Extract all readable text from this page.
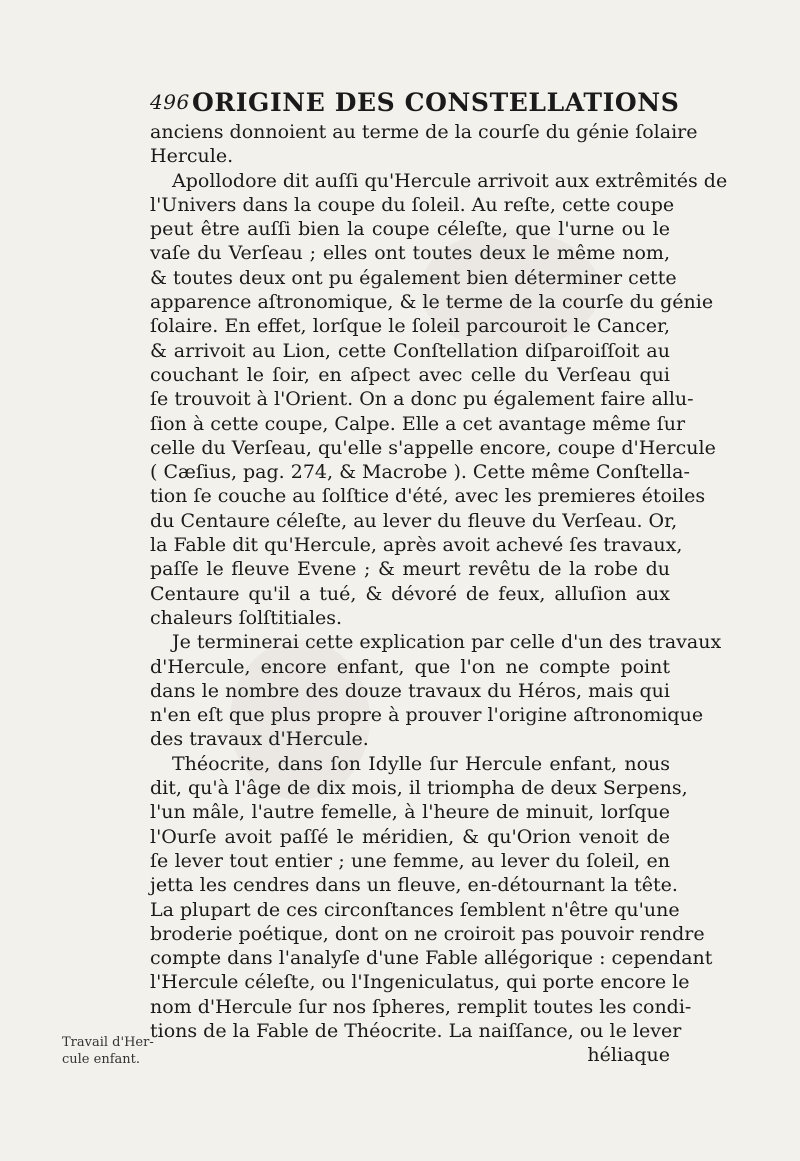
496 ORIGINE DES CONSTELLATIONS
anciens donnoient au terme de la courſe du génie ſolaire
Hercule.
Apollodore dit auſſi qu'Hercule arrivoit aux extrêmités de
l'Univers dans la coupe du ſoleil. Au reſte, cette coupe
peut être auſſi bien la coupe céleſte, que l'urne ou le
vaſe du Verſeau ; elles ont toutes deux le même nom,
& toutes deux ont pu également bien déterminer cette
apparence aſtronomique, & le terme de la courſe du génie
ſolaire. En effet, lorſque le ſoleil parcouroit le Cancer,
& arrivoit au Lion, cette Conſtellation diſparoiſſoit au
couchant le ſoir, en aſpect avec celle du Verſeau qui
ſe trouvoit à l'Orient. On a donc pu également faire allu-
ſion à cette coupe, Calpe. Elle a cet avantage même ſur
celle du Verſeau, qu'elle s'appelle encore, coupe d'Hercule
( Cæſius, pag. 274, & Macrobe ). Cette même Conſtella-
tion ſe couche au ſolſtice d'été, avec les premieres étoiles
du Centaure céleſte, au lever du fleuve du Verſeau. Or,
la Fable dit qu'Hercule, après avoit achevé ſes travaux,
paſſe le fleuve Evene ; & meurt revêtu de la robe du
Centaure qu'il a tué, & dévoré de feux, alluſion aux
chaleurs ſolſtitiales.
Je terminerai cette explication par celle d'un des travaux
d'Hercule, encore enfant, que l'on ne compte point
dans le nombre des douze travaux du Héros, mais qui
n'en eſt que plus propre à prouver l'origine aſtronomique
des travaux d'Hercule.
Théocrite, dans ſon Idylle ſur Hercule enfant, nous
dit, qu'à l'âge de dix mois, il triompha de deux Serpens,
l'un mâle, l'autre femelle, à l'heure de minuit, lorſque
l'Ourſe avoit paſſé le méridien, & qu'Orion venoit de
ſe lever tout entier ; une femme, au lever du ſoleil, en
jetta les cendres dans un fleuve, en-détournant la tête.
La plupart de ces circonſtances ſemblent n'être qu'une
broderie poétique, dont on ne croiroit pas pouvoir rendre
compte dans l'analyſe d'une Fable allégorique : cependant
l'Hercule céleſte, ou l'Ingeniculatus, qui porte encore le
nom d'Hercule ſur nos ſpheres, remplit toutes les condi-
tions de la Fable de Théocrite. La naiſſance, ou le lever
héliaque
Travail d'Her-
cule enfant.
